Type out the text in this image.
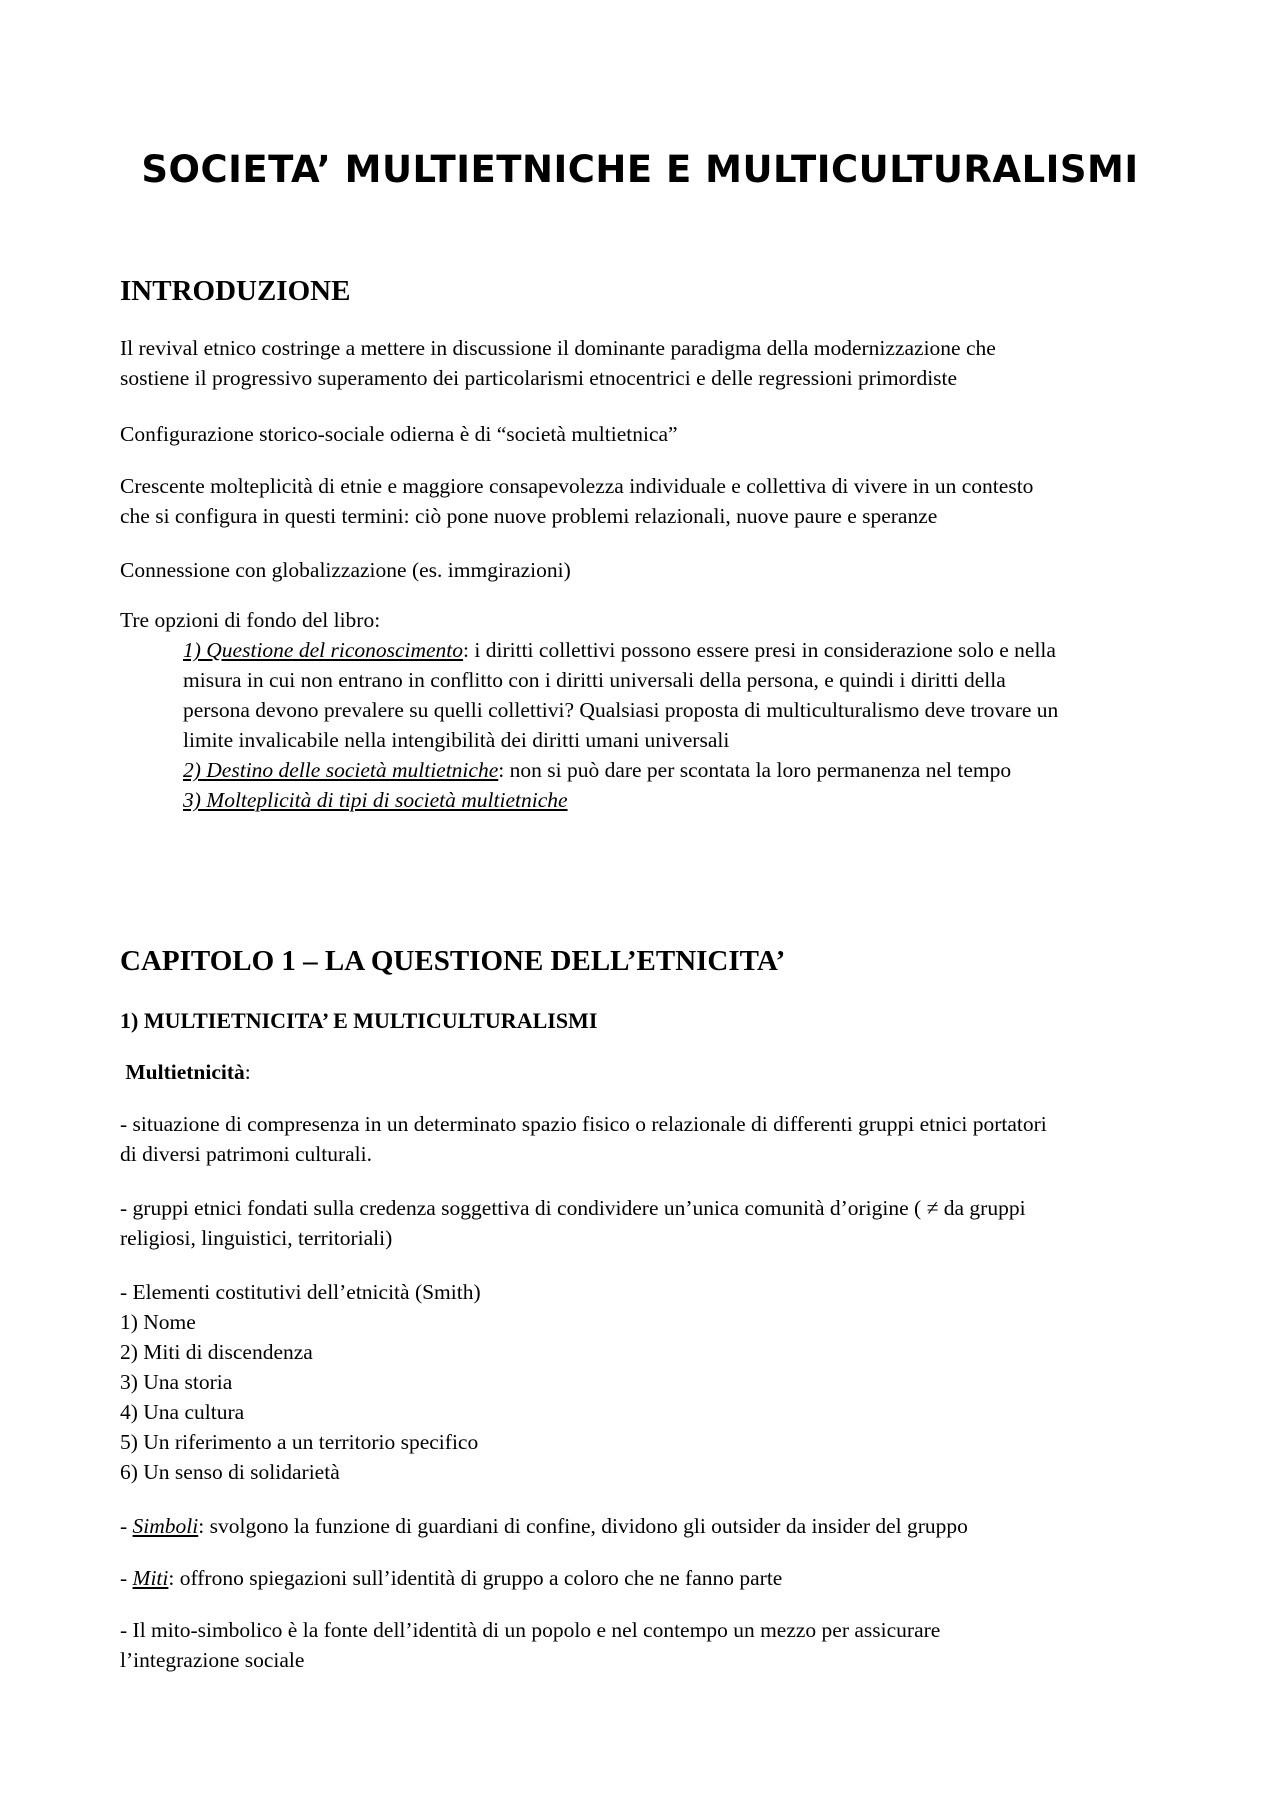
SOCIETA’ MULTIETNICHE E MULTICULTURALISMI
INTRODUZIONE
Il revival etnico costringe a mettere in discussione il dominante paradigma della modernizzazione che
sostiene il progressivo superamento dei particolarismi etnocentrici e delle regressioni primordiste
Configurazione storico-sociale odierna è di “società multietnica”
Crescente molteplicità di etnie e maggiore consapevolezza individuale e collettiva di vivere in un contesto
che si configura in questi termini: ciò pone nuove problemi relazionali, nuove paure e speranze
Connessione con globalizzazione (es. immgirazioni)
Tre opzioni di fondo del libro:
1) Questione del riconoscimento: i diritti collettivi possono essere presi in considerazione solo e nella
misura in cui non entrano in conflitto con i diritti universali della persona, e quindi i diritti della
persona devono prevalere su quelli collettivi? Qualsiasi proposta di multiculturalismo deve trovare un
limite invalicabile nella intengibilità dei diritti umani universali
2) Destino delle società multietniche: non si può dare per scontata la loro permanenza nel tempo
3) Molteplicità di tipi di società multietniche
CAPITOLO 1 – LA QUESTIONE DELL’ETNICITA’
1) MULTIETNICITA’ E MULTICULTURALISMI
Multietnicità:
- situazione di compresenza in un determinato spazio fisico o relazionale di differenti gruppi etnici portatori
di diversi patrimoni culturali.
- gruppi etnici fondati sulla credenza soggettiva di condividere un’unica comunità d’origine ( ≠ da gruppi
religiosi, linguistici, territoriali)
- Elementi costitutivi dell’etnicità (Smith)
1) Nome
2) Miti di discendenza
3) Una storia
4) Una cultura
5) Un riferimento a un territorio specifico
6) Un senso di solidarietà
- Simboli: svolgono la funzione di guardiani di confine, dividono gli outsider da insider del gruppo
- Miti: offrono spiegazioni sull’identità di gruppo a coloro che ne fanno parte
- Il mito-simbolico è la fonte dell’identità di un popolo e nel contempo un mezzo per assicurare
l’integrazione sociale
